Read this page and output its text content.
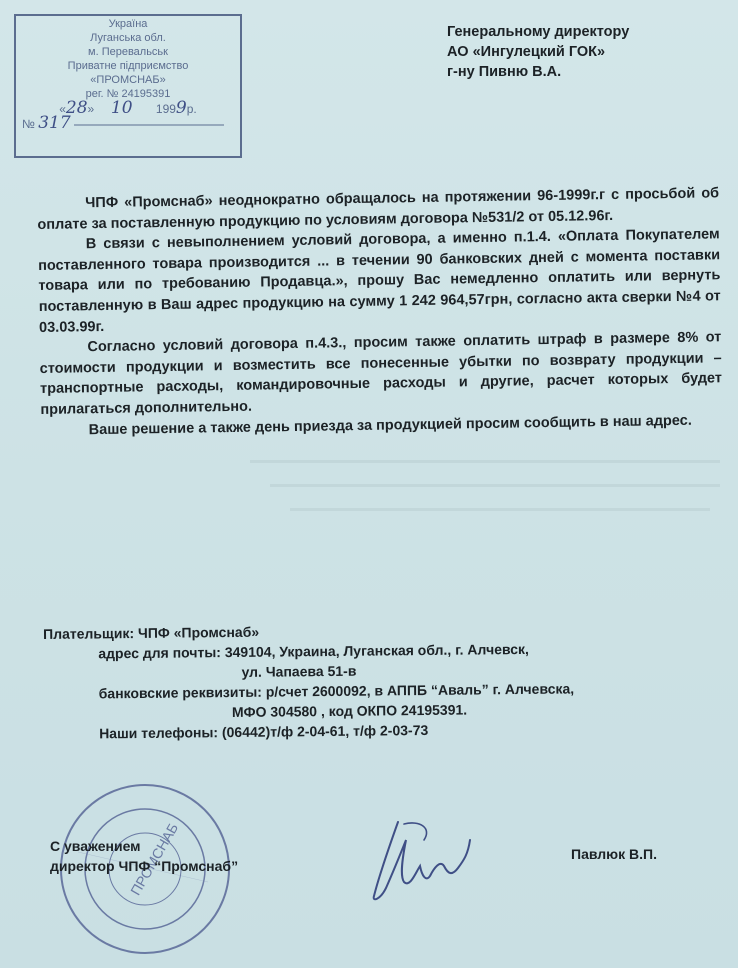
Україна
Луганська обл.
м. Перевальськ
Приватне підприємство
«ПРОМСНАБ»
рег. № 24195391
«28» 10 1999р.
№ 317
Генеральному директору
АО «Ингулецкий ГОК»
г-ну Пивню В.А.

ЧПФ «Промснаб» неоднократно обращалось на протяжении 96-1999г.г с просьбой об оплате за поставленную продукцию по условиям договора №531/2 от 05.12.96г.

В связи с невыполнением условий договора, а именно п.1.4. «Оплата Покупателем поставленного товара производится ... в течении 90 банковских дней с момента поставки товара или по требованию Продавца.», прошу Вас немедленно оплатить или вернуть поставленную в Ваш адрес продукцию на сумму 1 242 964,57грн, согласно акта сверки №4 от 03.03.99г.

Согласно условий договора п.4.3., просим также оплатить штраф в размере 8% от стоимости продукции и возместить все понесенные убытки по возврату продукции – транспортные расходы, командировочные расходы и другие, расчет которых будет прилагаться дополнительно.

Ваше решение а также день приезда за продукцией просим сообщить в наш адрес.

Плательщик: ЧПФ «Промснаб»
адрес для почты: 349104, Украина, Луганская обл., г. Алчевск,
ул. Чапаева 51-в
банковские реквизиты: р/счет 2600092, в АППБ “Аваль” г. Алчевска,
МФО 304580 , код ОКПО 24195391.
Наши телефоны: (06442)т/ф 2-04-61, т/ф 2-03-73
ПРОМСНАБ
С уважением
директор ЧПФ “Промснаб”
Павлюк В.П.
